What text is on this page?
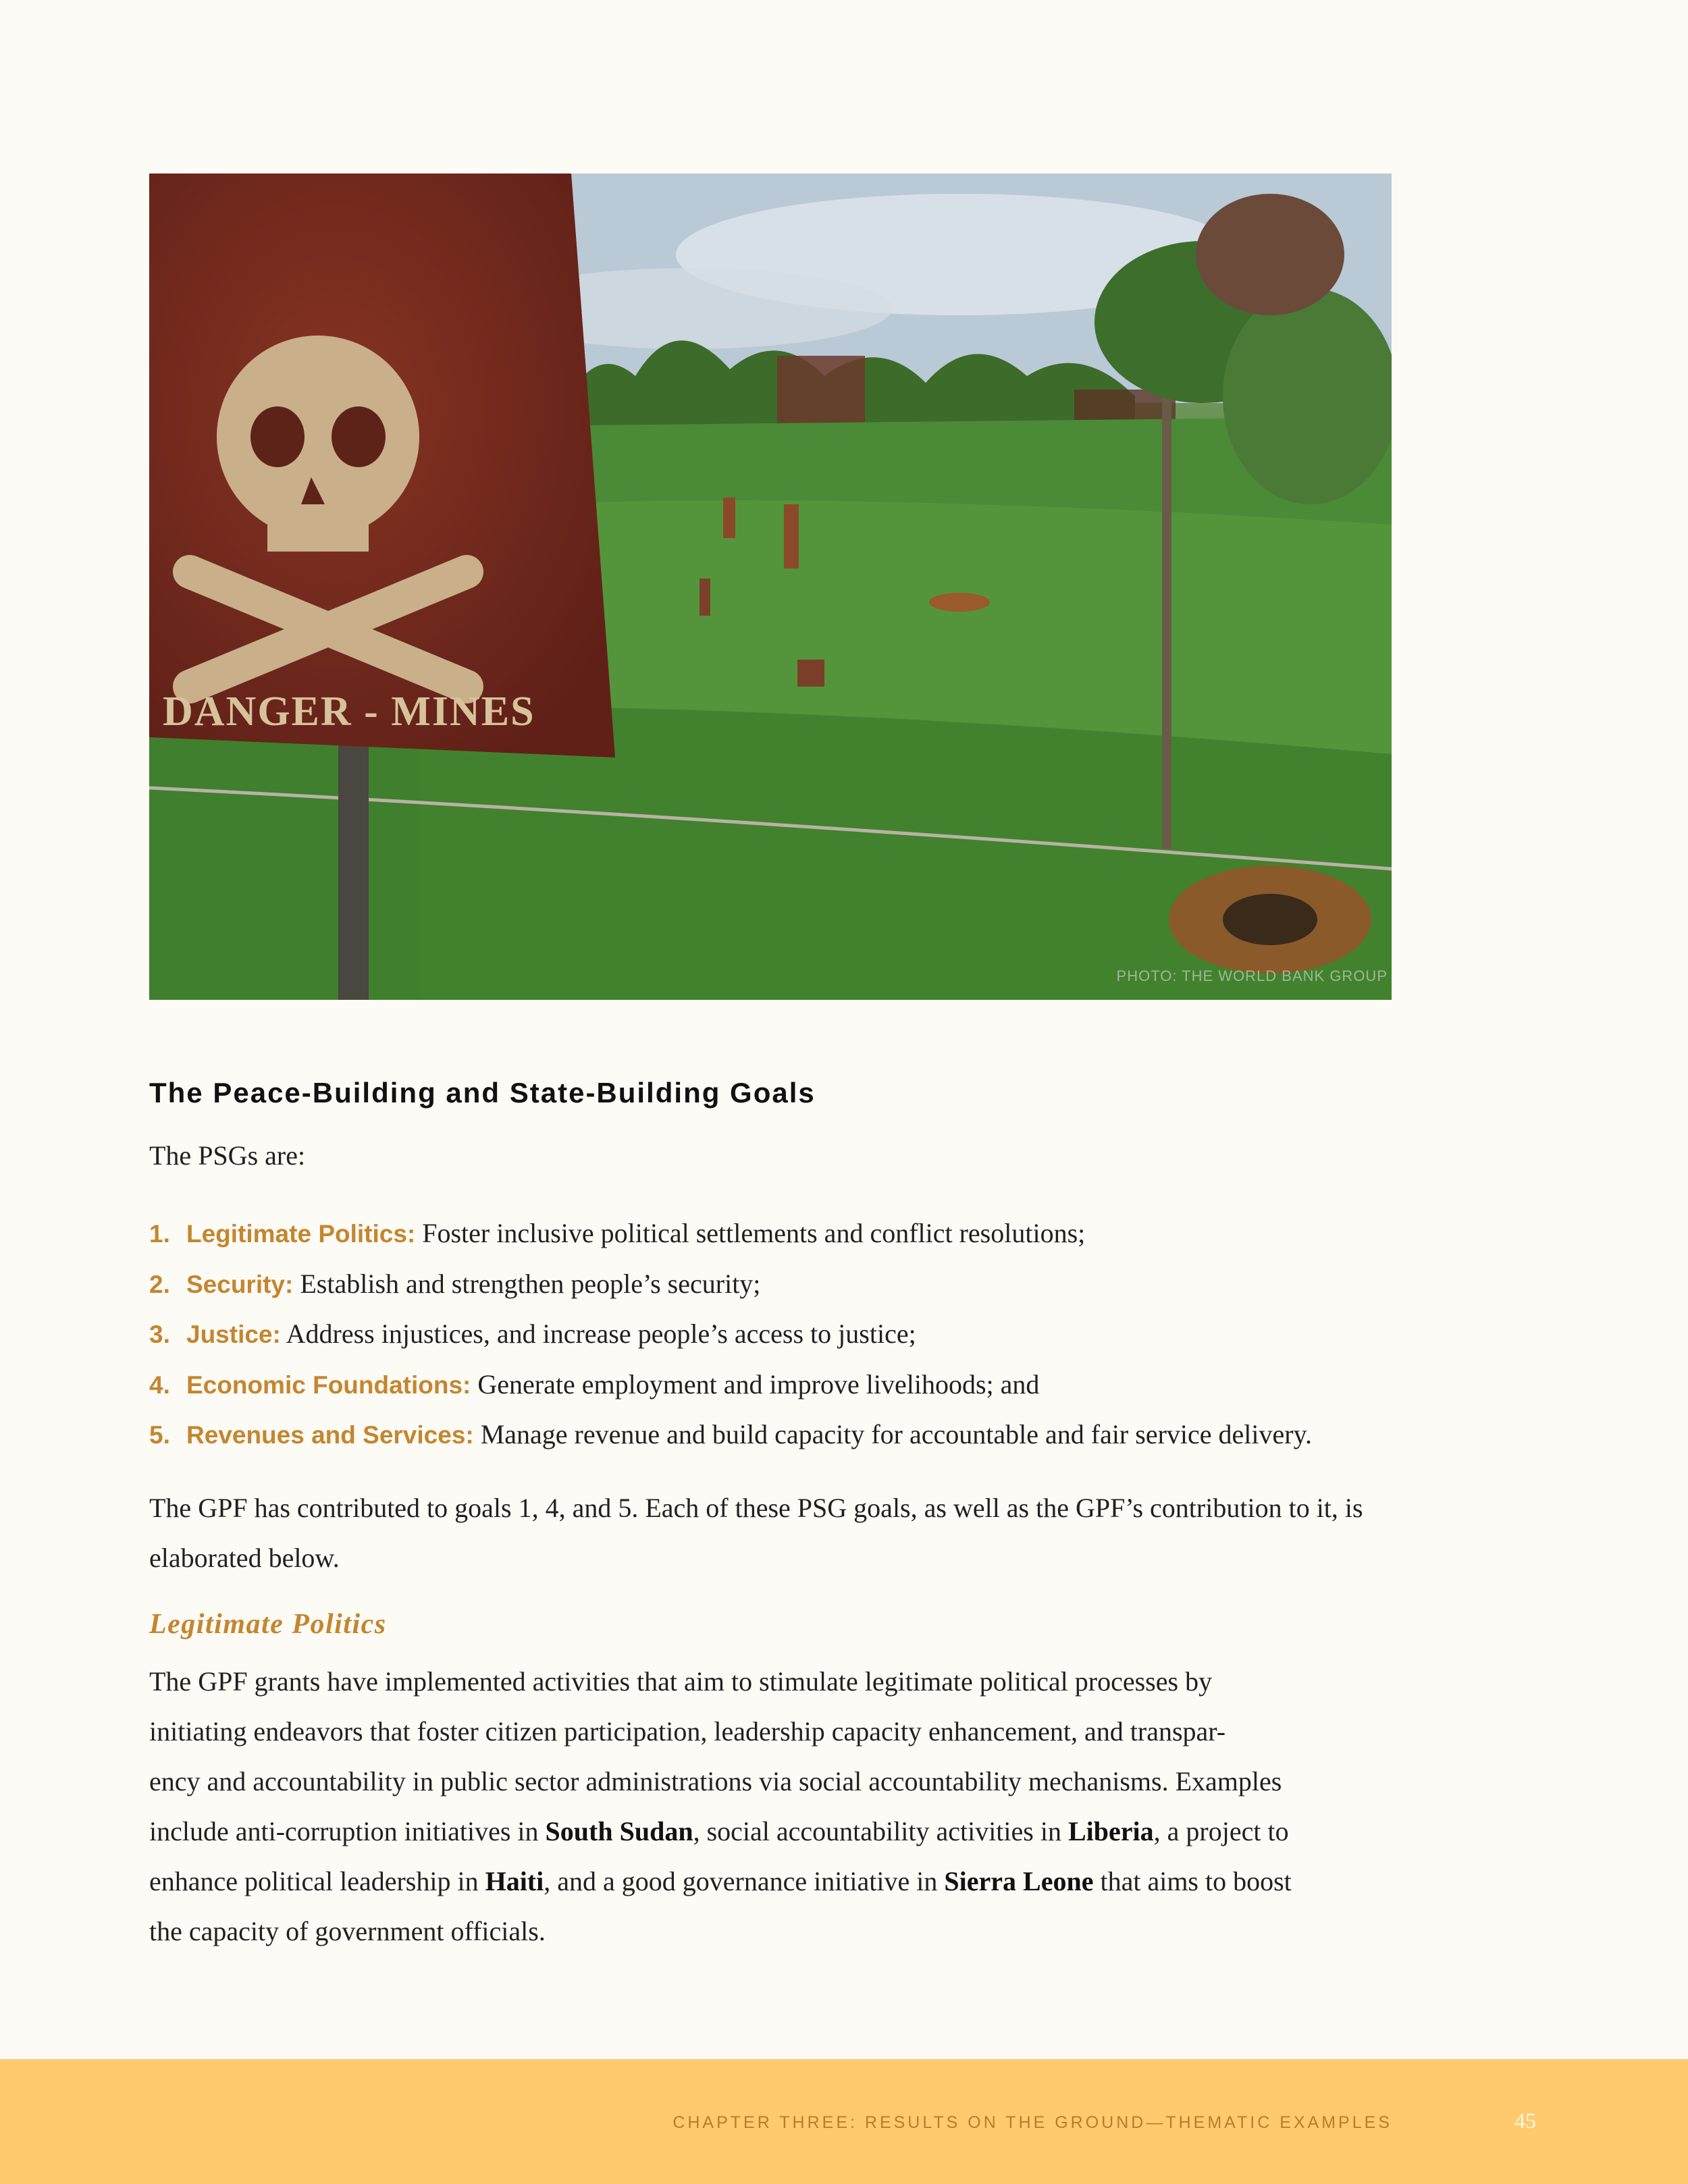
DANGER - MINES
PHOTO: THE WORLD BANK GROUP
The Peace-Building and State-Building Goals

The PSGs are:

1. Legitimate Politics: Foster inclusive political settlements and conflict resolutions;
2. Security: Establish and strengthen people’s security;
3. Justice: Address injustices, and increase people’s access to justice;
4. Economic Foundations: Generate employment and improve livelihoods; and
5. Revenues and Services: Manage revenue and build capacity for accountable and fair service delivery.

The GPF has contributed to goals 1, 4, and 5. Each of these PSG goals, as well as the GPF’s contribution to it, is elaborated below.

Legitimate Politics

The GPF grants have implemented activities that aim to stimulate legitimate political processes by
initiating endeavors that foster citizen participation, leadership capacity enhancement, and transpar-
ency and accountability in public sector administrations via social accountability mechanisms. Examples
include anti-corruption initiatives in South Sudan, social accountability activities in Liberia, a project to
enhance political leadership in Haiti, and a good governance initiative in Sierra Leone that aims to boost
the capacity of government officials.

CHAPTER THREE: RESULTS ON THE GROUND—THEMATIC EXAMPLES	45
